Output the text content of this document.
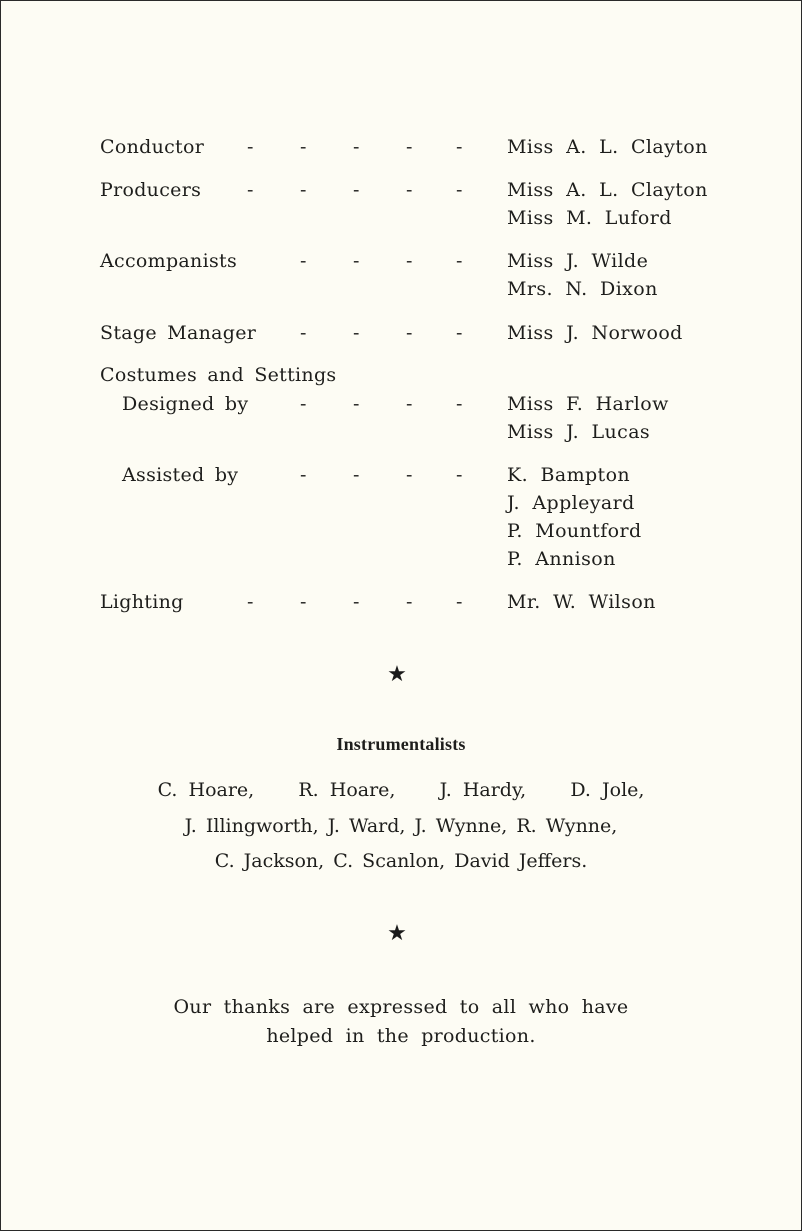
Conductor - - - - - Miss A. L. Clayton
Producers - - - - - Miss A. L. Clayton
Miss M. Luford
Accompanists	- - - - Miss J. Wilde
Mrs. N. Dixon
Stage Manager - - - - Miss J. Norwood
Costumes and Settings
Designed by	- - - - Miss F. Harlow
Miss J. Lucas
Assisted by	- - - - K. Bampton
J. Appleyard
P. Mountford
P. Annison
Lighting	- - - - - Mr. W. Wilson
★
Instrumentalists
C. Hoare,    R. Hoare,    J. Hardy,    D. Jole,
J. Illingworth, J. Ward, J. Wynne, R. Wynne,
C. Jackson, C. Scanlon, David Jeffers.
★
Our thanks are expressed to all who have
helped in the production.
